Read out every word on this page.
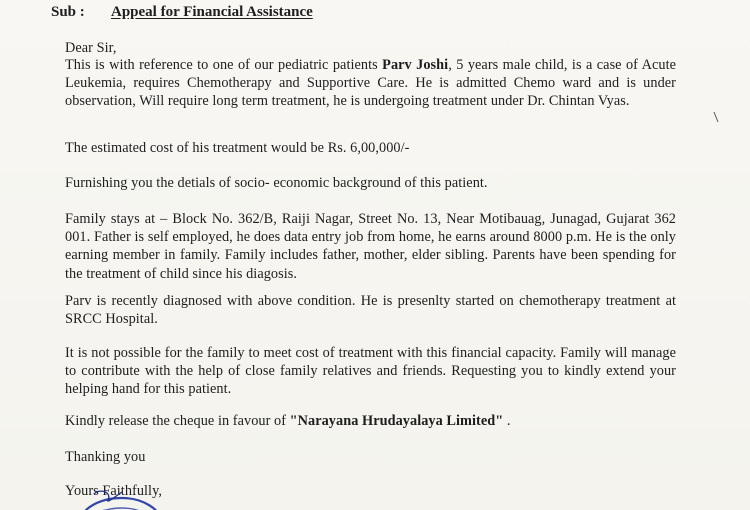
Sub : Appeal for Financial Assistance
Dear Sir,
This is with reference to one of our pediatric patients Parv Joshi, 5 years male child, is a case of Acute Leukemia, requires Chemotherapy and Supportive Care. He is admitted Chemo ward and is under observation, Will require long term treatment, he is undergoing treatment under Dr. Chintan Vyas.
The estimated cost of his treatment would be Rs. 6,00,000/-
Furnishing you the detials of socio- economic background of this patient.
Family stays at – Block No. 362/B, Raiji Nagar, Street No. 13, Near Motibauag, Junagad, Gujarat 362 001. Father is self employed, he does data entry job from home, he earns around 8000 p.m. He is the only earning member in family. Family includes father, mother, elder sibling. Parents have been spending for the treatment of child since his diagosis.
Parv is recently diagnosed with above condition. He is presenlty started on chemotherapy treatment at SRCC Hospital.
It is not possible for the family to meet cost of treatment with this financial capacity. Family will manage to contribute with the help of close family relatives and friends. Requesting you to kindly extend your helping hand for this patient.
Kindly release the cheque in favour of "Narayana Hrudayalaya Limited" .
Thanking you
Yours Faithfully,
